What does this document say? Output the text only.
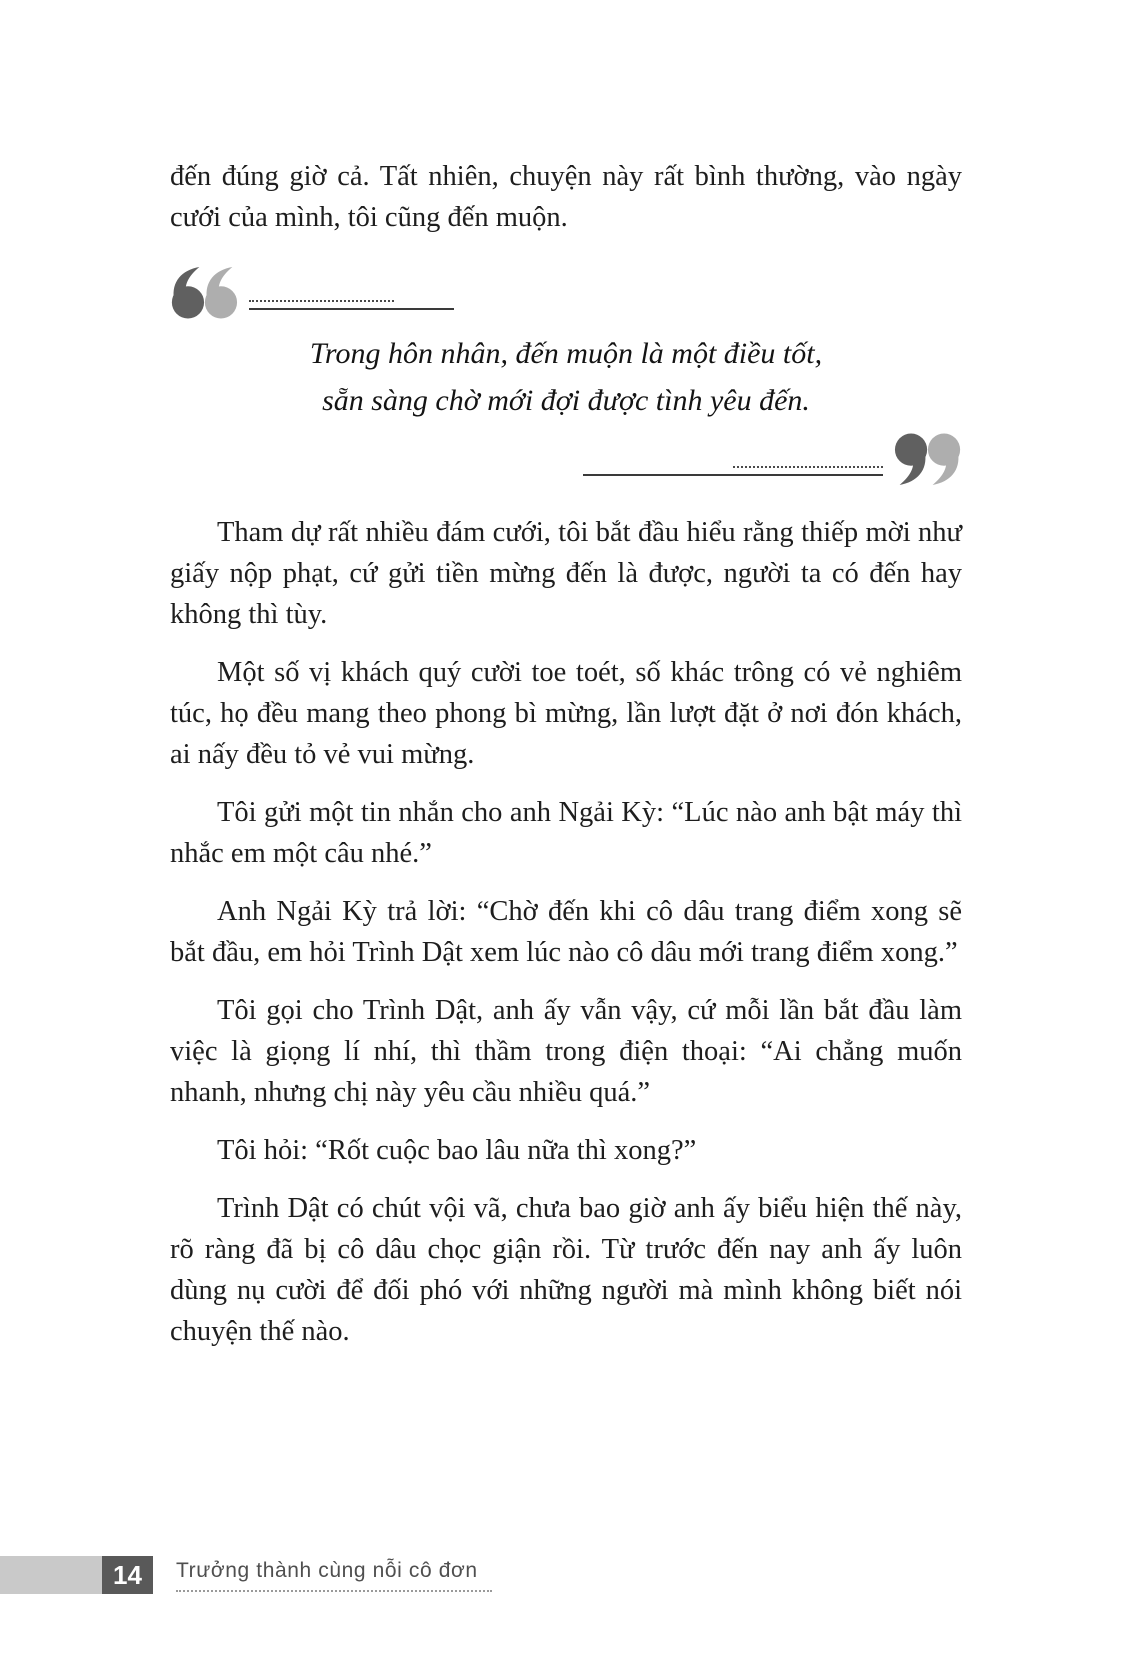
đến đúng giờ cả. Tất nhiên, chuyện này rất bình thường, vào ngày cưới của mình, tôi cũng đến muộn.

Trong hôn nhân, đến muộn là một điều tốt,
sẵn sàng chờ mới đợi được tình yêu đến.

Tham dự rất nhiều đám cưới, tôi bắt đầu hiểu rằng thiếp mời như giấy nộp phạt, cứ gửi tiền mừng đến là được, người ta có đến hay không thì tùy.

Một số vị khách quý cười toe toét, số khác trông có vẻ nghiêm túc, họ đều mang theo phong bì mừng, lần lượt đặt ở nơi đón khách, ai nấy đều tỏ vẻ vui mừng.

Tôi gửi một tin nhắn cho anh Ngải Kỳ: “Lúc nào anh bật máy thì nhắc em một câu nhé.”

Anh Ngải Kỳ trả lời: “Chờ đến khi cô dâu trang điểm xong sẽ bắt đầu, em hỏi Trình Dật xem lúc nào cô dâu mới trang điểm xong.”

Tôi gọi cho Trình Dật, anh ấy vẫn vậy, cứ mỗi lần bắt đầu làm việc là giọng lí nhí, thì thầm trong điện thoại: “Ai chẳng muốn nhanh, nhưng chị này yêu cầu nhiều quá.”

Tôi hỏi: “Rốt cuộc bao lâu nữa thì xong?”

Trình Dật có chút vội vã, chưa bao giờ anh ấy biểu hiện thế này, rõ ràng đã bị cô dâu chọc giận rồi. Từ trước đến nay anh ấy luôn dùng nụ cười để đối phó với những người mà mình không biết nói chuyện thế nào.

14	Trưởng thành cùng nỗi cô đơn
